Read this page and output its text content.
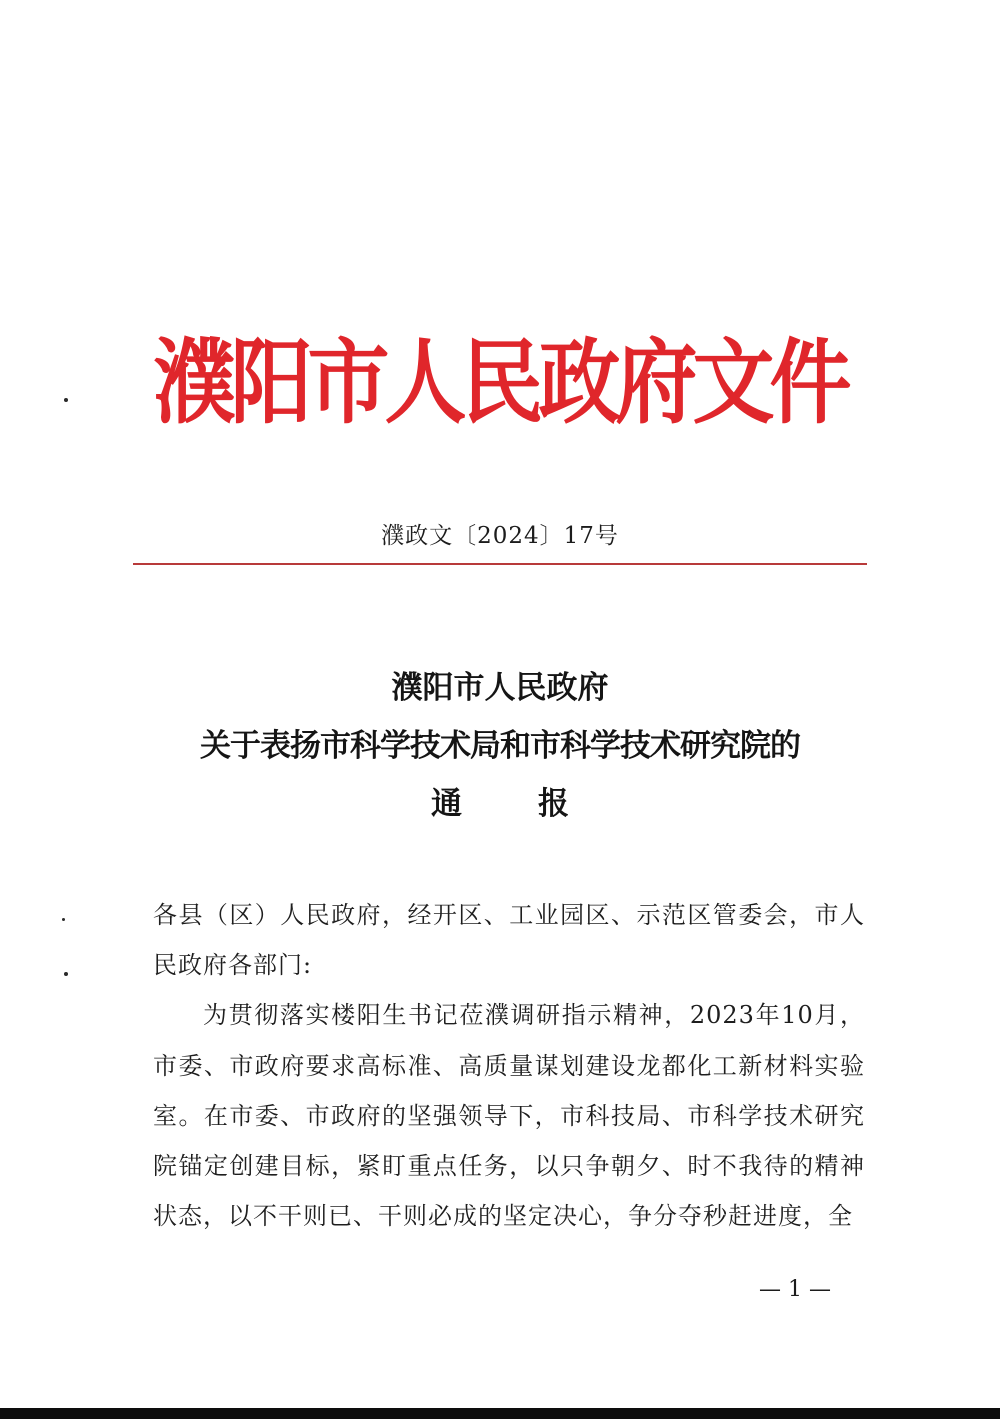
濮阳市人民政府文件
濮政文〔2024〕17号
濮阳市人民政府
关于表扬市科学技术局和市科学技术研究院的
通报

各县（区）人民政府，经开区、工业园区、示范区管委会，市人民政府各部门:

为贯彻落实楼阳生书记莅濮调研指示精神，2023年10月，市委、市政府要求高标准、高质量谋划建设龙都化工新材料实验室。在市委、市政府的坚强领导下，市科技局、市科学技术研究院锚定创建目标，紧盯重点任务，以只争朝夕、时不我待的精神状态，以不干则已、干则必成的坚定决心，争分夺秒赶进度，全

— 1 —
